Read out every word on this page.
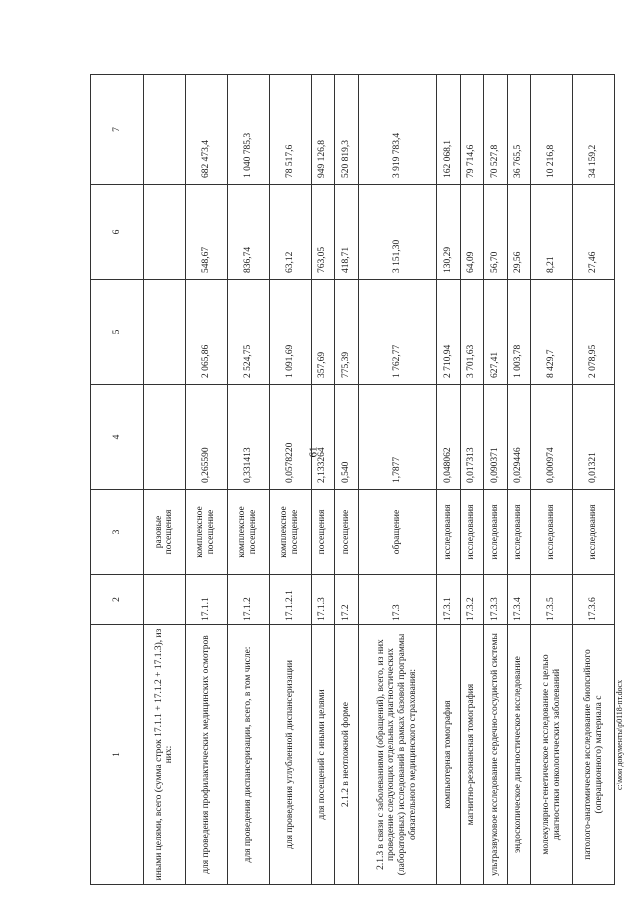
61
1	2	3	4	5	6	7
иными целями, всего (сумма строк 17.1.1 + 17.1.2 + 17.1.3), из них:		разовые посещения				
для проведения профилактических медицинских осмотров	17.1.1	комплексное посещение	0,265590	2 065,86	548,67	682 473,4
для проведения диспансеризации, всего, в том числе:	17.1.2	комплексное посещение	0,331413	2 524,75	836,74	1 040 785,3
для проведения углубленной диспансеризации	17.1.2.1	комплексное посещение	0,0578220	1 091,69	63,12	78 517,6
для посещений с иными целями	17.1.3	посещения	2,133264	357,69	763,05	949 126,8
2.1.2 в неотложной форме	17.2	посещение	0,540	775,39	418,71	520 819,3
2.1.3 в связи с заболеваниями (обращений), всего, из них проведение следующих отдельных диагностических (лабораторных) исследований в рамках базовой программы обязательного медицинского страхования:	17.3	обращение	1,7877	1 762,77	3 151,30	3 919 783,4
компьютерная томография	17.3.1	исследования	0,048062	2 710,94	130,29	162 068,1
магнитно-резонансная томография	17.3.2	исследования	0,017313	3 701,63	64,09	79 714,6
ультразвуковое исследование сердечно-сосудистой системы	17.3.3	исследования	0,090371	627,41	56,70	70 527,8
эндоскопическое диагностическое исследование	17.3.4	исследования	0,029446	1 003,78	29,56	36 765,5
молекулярно-генетическое исследование с целью диагностики онкологических заболеваний	17.3.5	исследования	0,000974	8 429,7	8,21	10 216,8
патолого-анатомическое исследование биопсийного (операционного) материала с	17.3.6	исследования	0,01321	2 078,95	27,46	34 159,2
с:\мои документы\р0118-пт.docx
